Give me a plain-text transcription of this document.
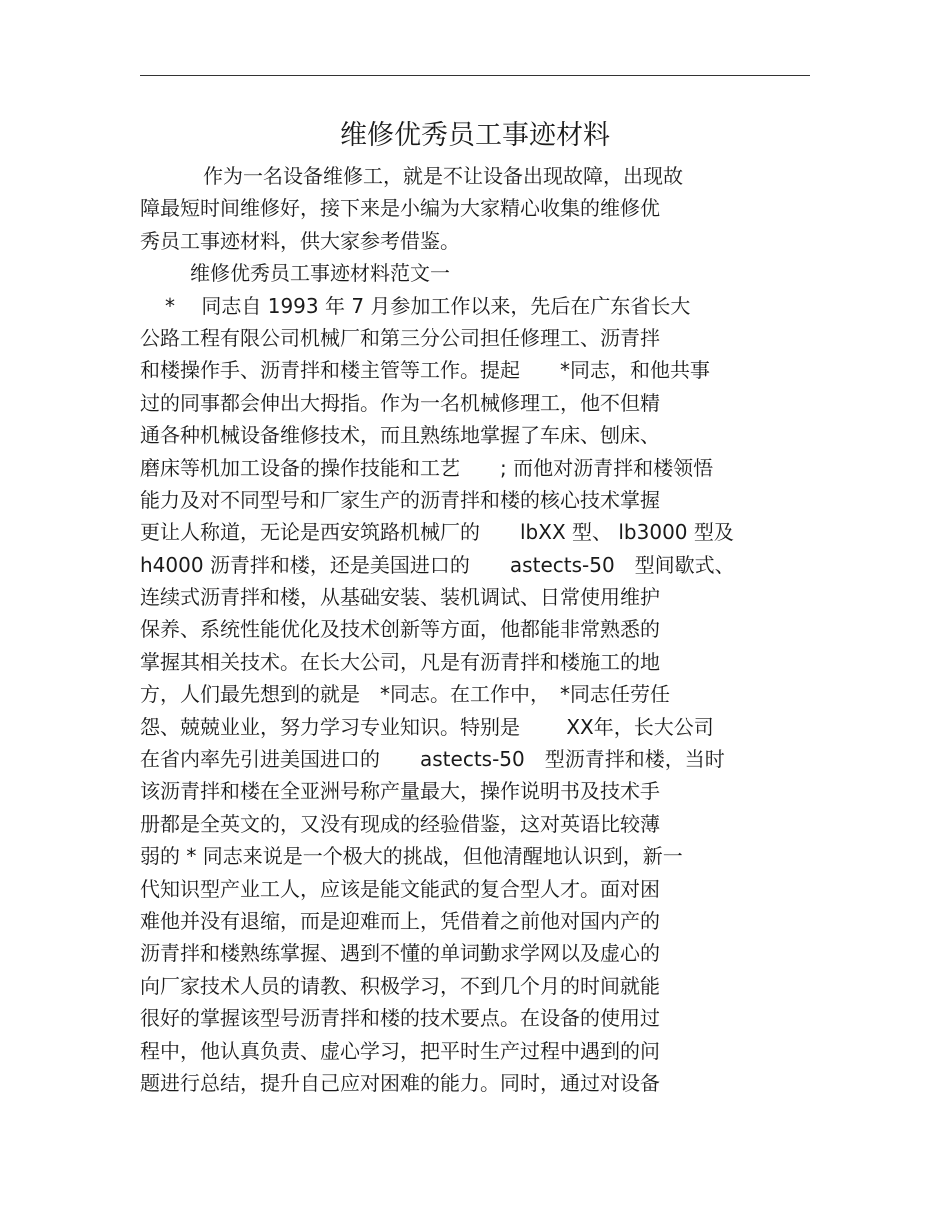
维修优秀员工事迹材料
作为一名设备维修工，就是不让设备出现故障，出现故
障最短时间维修好，接下来是小编为大家精心收集的维修优
秀员工事迹材料，供大家参考借鉴。
维修优秀员工事迹材料范文一
*　 同志自 1993 年 7 月参加工作以来，先后在广东省长大
公路工程有限公司机械厂和第三分公司担任修理工、沥青拌
和楼操作手、沥青拌和楼主管等工作。提起　　*同志，和他共事
过的同事都会伸出大拇指。作为一名机械修理工，他不但精
通各种机械设备维修技术，而且熟练地掌握了车床、刨床、
磨床等机加工设备的操作技能和工艺　　; 而他对沥青拌和楼领悟
能力及对不同型号和厂家生产的沥青拌和楼的核心技术掌握
更让人称道，无论是西安筑路机械厂的　　lbXX 型、 lb3000 型及
h4000 沥青拌和楼，还是美国进口的　　astects-50　型间歇式、
连续式沥青拌和楼，从基础安装、装机调试、日常使用维护
保养、系统性能优化及技术创新等方面，他都能非常熟悉的
掌握其相关技术。在长大公司，凡是有沥青拌和楼施工的地
方，人们最先想到的就是　*同志。在工作中，　*同志任劳任
怨、兢兢业业，努力学习专业知识。特别是　　 XX年，长大公司
在省内率先引进美国进口的　　astects-50　型沥青拌和楼，当时
该沥青拌和楼在全亚洲号称产量最大，操作说明书及技术手
册都是全英文的，又没有现成的经验借鉴，这对英语比较薄
弱的 * 同志来说是一个极大的挑战，但他清醒地认识到，新一
代知识型产业工人，应该是能文能武的复合型人才。面对困
难他并没有退缩，而是迎难而上，凭借着之前他对国内产的
沥青拌和楼熟练掌握、遇到不懂的单词勤求学网以及虚心的
向厂家技术人员的请教、积极学习，不到几个月的时间就能
很好的掌握该型号沥青拌和楼的技术要点。在设备的使用过
程中，他认真负责、虚心学习，把平时生产过程中遇到的问
题进行总结，提升自己应对困难的能力。同时，通过对设备
